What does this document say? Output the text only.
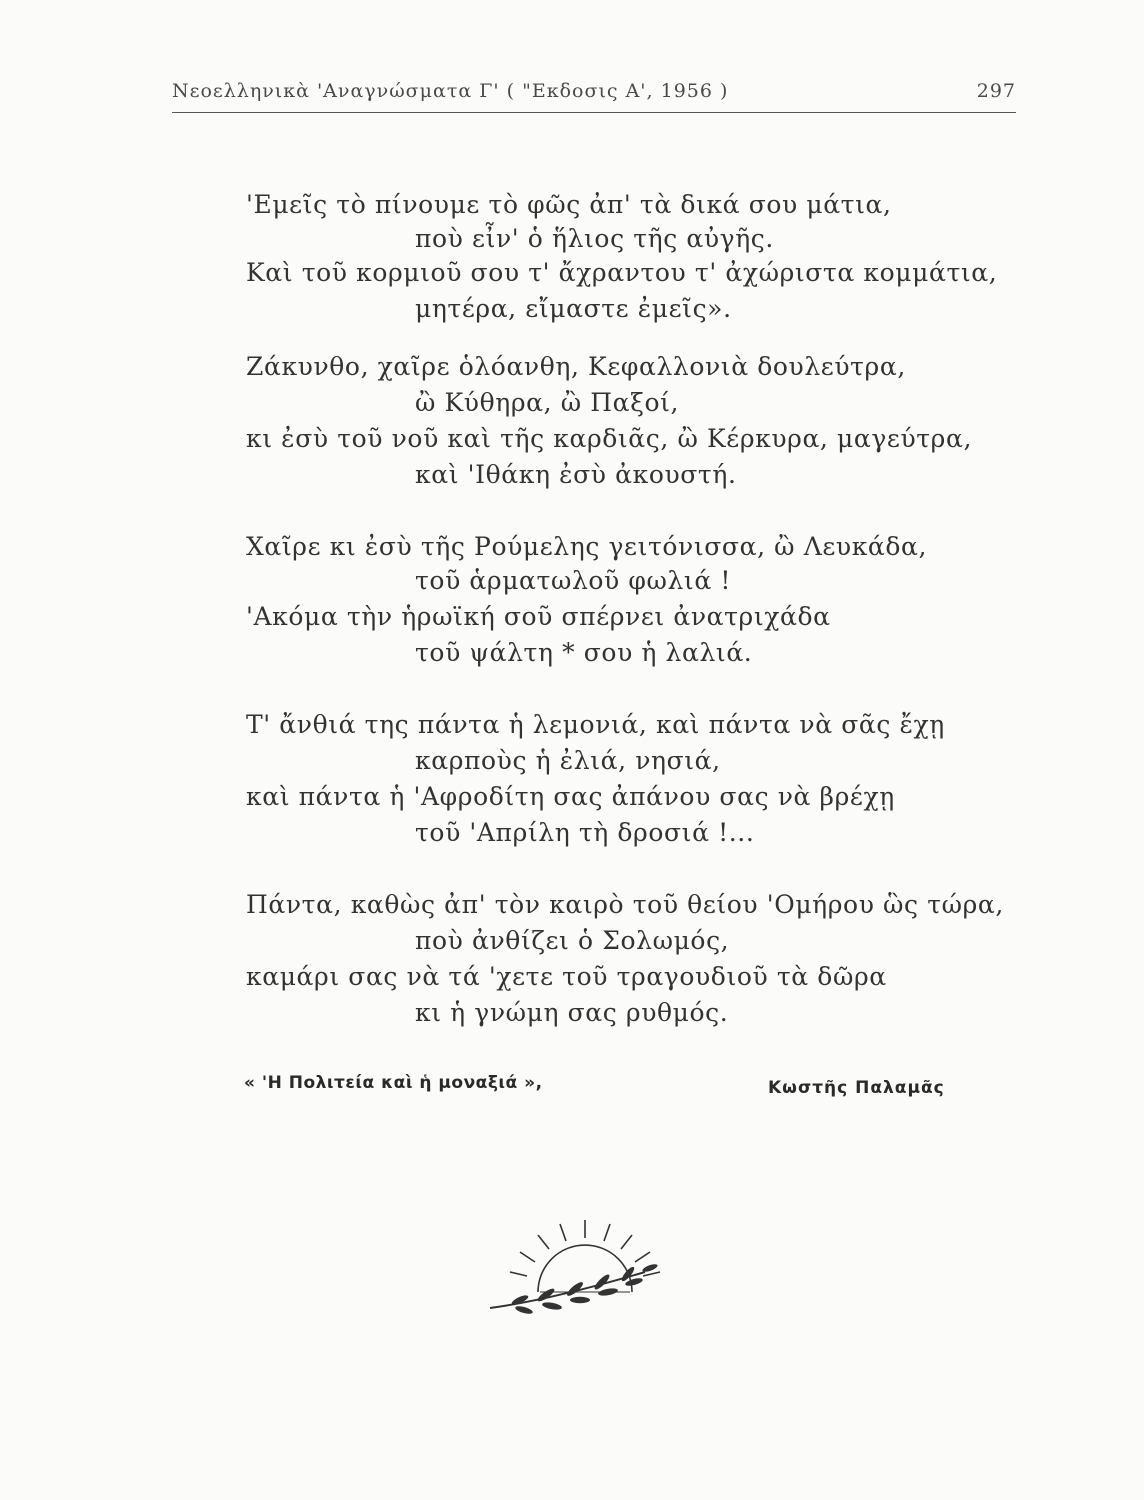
Νεοελληνικὰ 'Αναγνώσματα Γ' ( "Εκδοσις Α', 1956 )	297
'Εμεῖς τὸ πίνουμε τὸ φῶς ἀπ' τὰ δικά σου μάτια,
ποὺ εἶν' ὁ ἥλιος τῆς αὐγῆς.
Καὶ τοῦ κορμιοῦ σου τ' ἄχραντου τ' ἀχώριστα κομμάτια,
μητέρα, εἴμαστε ἐμεῖς».
Ζάκυνθο, χαῖρε ὁλόανθη, Κεφαλλονιὰ δουλεύτρα,
ὢ Κύθηρα, ὢ Παξοί,
κι ἐσὺ τοῦ νοῦ καὶ τῆς καρδιᾶς, ὢ Κέρκυρα, μαγεύτρα,
καὶ 'Ιθάκη ἐσὺ ἀκουστή.
Χαῖρε κι ἐσὺ τῆς Ρούμελης γειτόνισσα, ὢ Λευκάδα,
τοῦ ἁρματωλοῦ φωλιά !
'Ακόμα τὴν ἡρωϊκή σοῦ σπέρνει ἀνατριχάδα
τοῦ ψάλτη * σου ἡ λαλιά.
Τ' ἄνθιά της πάντα ἡ λεμονιά, καὶ πάντα νὰ σᾶς ἔχῃ
καρποὺς ἡ ἐλιά, νησιά,
καὶ πάντα ἡ 'Αφροδίτη σας ἀπάνου σας νὰ βρέχῃ
τοῦ 'Απρίλη τὴ δροσιά !...
Πάντα, καθὼς ἀπ' τὸν καιρὸ τοῦ θείου 'Ομήρου ὣς τώρα,
ποὺ ἀνθίζει ὁ Σολωμός,
καμάρι σας νὰ τά 'χετε τοῦ τραγουδιοῦ τὰ δῶρα
κι ἡ γνώμη σας ρυθμός.
« 'Η Πολιτεία καὶ ἡ μοναξιά »,	Κωστῆς Παλαμᾶς
